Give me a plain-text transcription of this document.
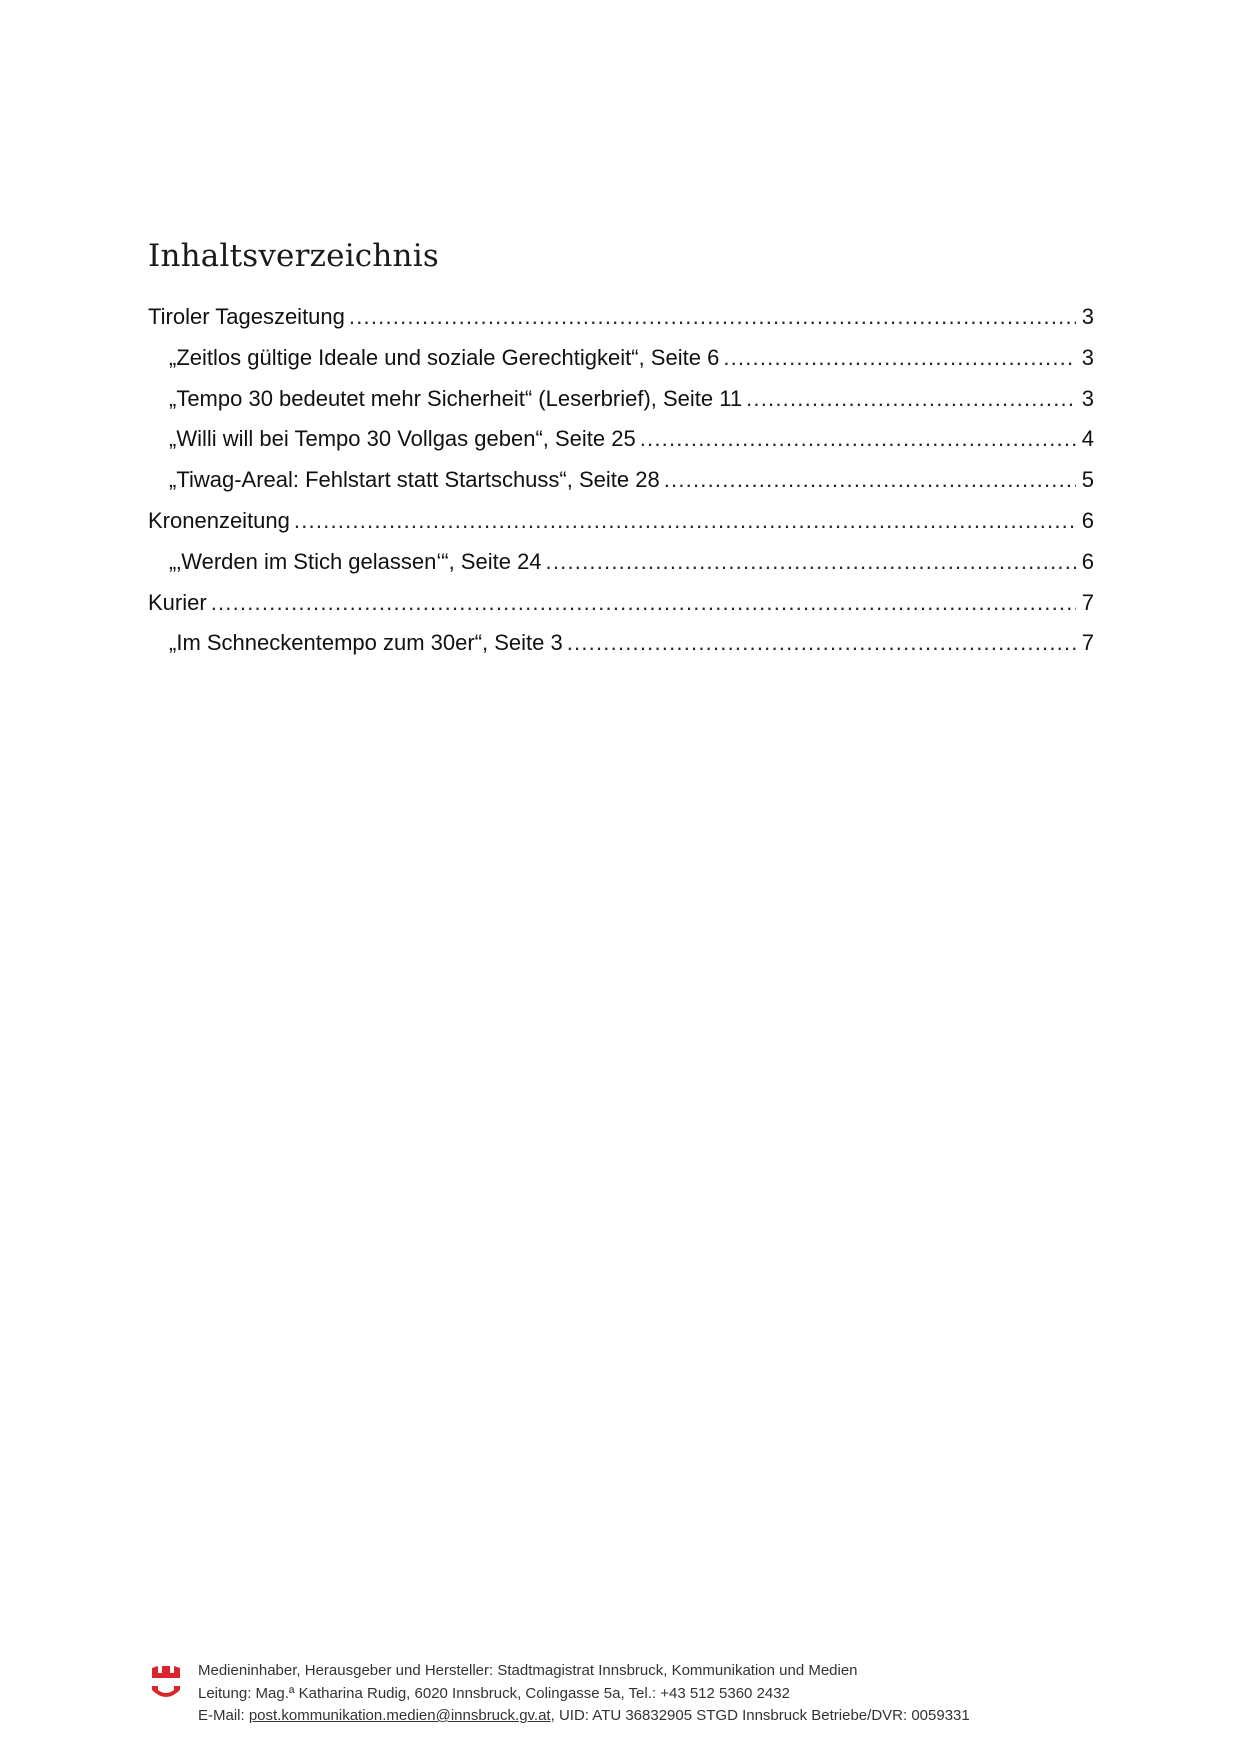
Inhaltsverzeichnis
Tiroler Tageszeitung .....	3
„Zeitlos gültige Ideale und soziale Gerechtigkeit“, Seite 6 .....	3
„Tempo 30 bedeutet mehr Sicherheit“ (Leserbrief), Seite 11 .....	3
„Willi will bei Tempo 30 Vollgas geben“, Seite 25 .....	4
„Tiwag-Areal: Fehlstart statt Startschuss“, Seite 28 .....	5
Kronenzeitung .....	6
„‚Werden im Stich gelassen‘“, Seite 24 .....	6
Kurier .....	7
„Im Schneckentempo zum 30er“, Seite 3 .....	7
Medieninhaber, Herausgeber und Hersteller: Stadtmagistrat Innsbruck, Kommunikation und Medien
Leitung: Mag.ª Katharina Rudig, 6020 Innsbruck, Colingasse 5a, Tel.: +43 512 5360 2432
E-Mail: post.kommunikation.medien@innsbruck.gv.at, UID: ATU 36832905 STGD Innsbruck Betriebe/DVR: 0059331
